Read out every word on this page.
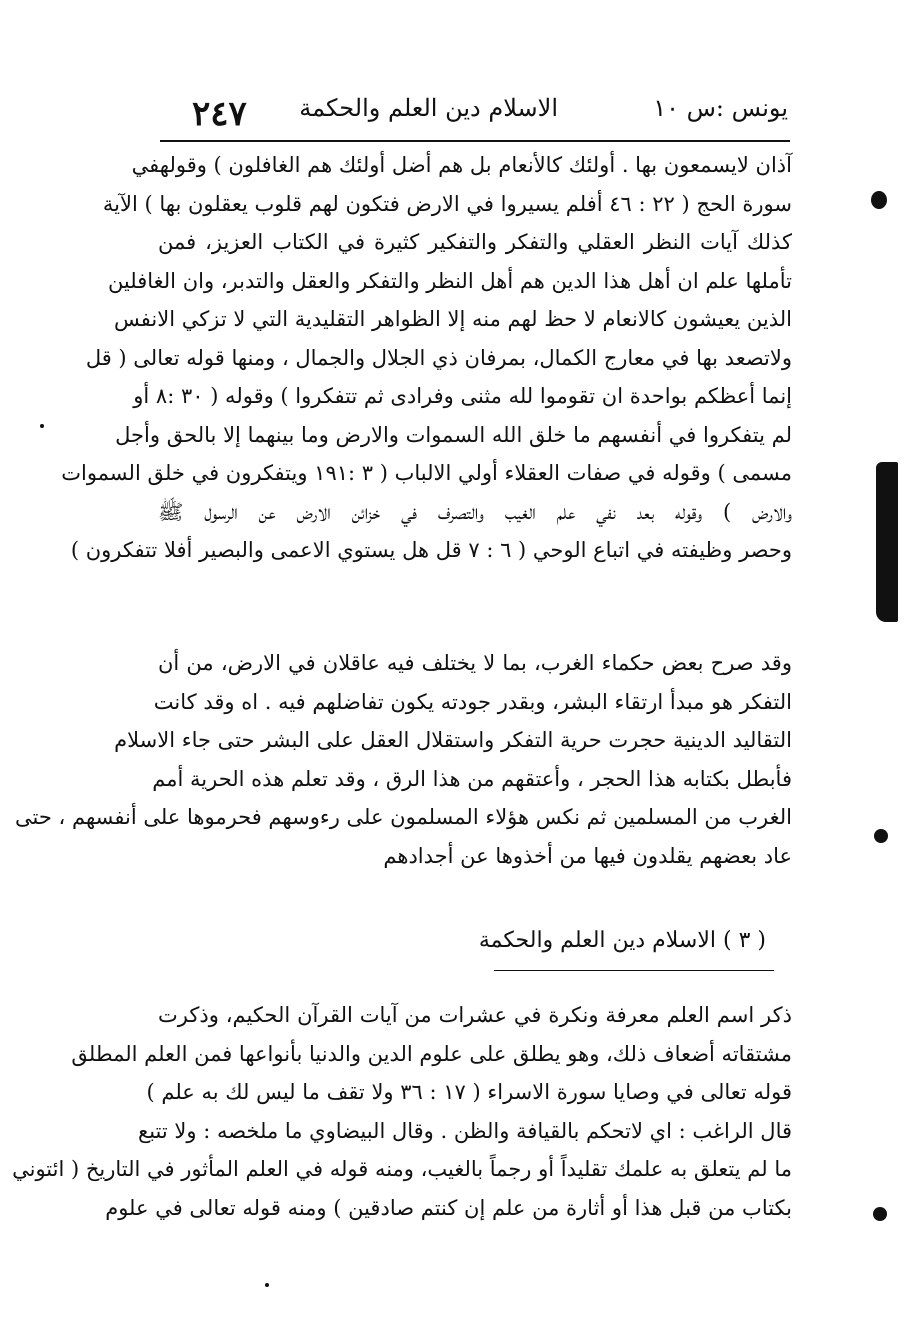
يونس :س ١٠
الاسلام دين العلم والحكمة
٢٤٧
آذان لايسمعون بها . أولئك كالأنعام بل هم أضل أولئك هم الغافلون ) وقولهفي
سورة الحج ( ٢٢ : ٤٦ أفلم يسيروا في الارض فتكون لهم قلوب يعقلون بها ) الآية
كذلك آيات النظر العقلي والتفكر والتفكير كثيرة في الكتاب العزيز، فمن
تأملها علم ان أهل هذا الدين هم أهل النظر والتفكر والعقل والتدبر، وان الغافلين
الذين يعيشون كالانعام لا حظ لهم منه إلا الظواهر التقليدية التي لا تزكي الانفس
ولاتصعد بها في معارج الكمال، بمرفان ذي الجلال والجمال ، ومنها قوله تعالى ( قل
إنما أعظكم بواحدة ان تقوموا لله مثنى وفرادى ثم تتفكروا ) وقوله ( ٣٠ :٨ أو
لم يتفكروا في أنفسهم ما خلق الله السموات والارض وما بينهما إلا بالحق وأجل
مسمى ) وقوله في صفات العقلاء أولي الالباب ( ٣ :١٩١ ويتفكرون في خلق السموات
والارض ) وقوله بعد نفي علم الغيب والتصرف في خزائن الارض عن الرسول ﷺ
وحصر وظيفته في اتباع الوحي ( ٦ : ٧ قل هل يستوي الاعمى والبصير أفلا تتفكرون )
وقد صرح بعض حكماء الغرب، بما لا يختلف فيه عاقلان في الارض، من أن
التفكر هو مبدأ ارتقاء البشر، وبقدر جودته يكون تفاضلهم فيه . اه وقد كانت
التقاليد الدينية حجرت حرية التفكر واستقلال العقل على البشر حتى جاء الاسلام
فأبطل بكتابه هذا الحجر ، وأعتقهم من هذا الرق ، وقد تعلم هذه الحرية أمم
الغرب من المسلمين ثم نكس هؤلاء المسلمون على رءوسهم فحرموها على أنفسهم ، حتى
عاد بعضهم يقلدون فيها من أخذوها عن أجدادهم
( ٣ ) الاسلام دين العلم والحكمة
ذكر اسم العلم معرفة ونكرة في عشرات من آيات القرآن الحكيم، وذكرت
مشتقاته أضعاف ذلك، وهو يطلق على علوم الدين والدنيا بأنواعها فمن العلم المطلق
قوله تعالى في وصايا سورة الاسراء ( ١٧ : ٣٦ ولا تقف ما ليس لك به علم )
قال الراغب : اي لاتحكم بالقيافة والظن . وقال البيضاوي ما ملخصه : ولا تتبع
ما لم يتعلق به علمك تقليداً أو رجماً بالغيب، ومنه قوله في العلم المأثور في التاريخ ( ائتوني
بكتاب من قبل هذا أو أثارة من علم إن كنتم صادقين ) ومنه قوله تعالى في علوم
